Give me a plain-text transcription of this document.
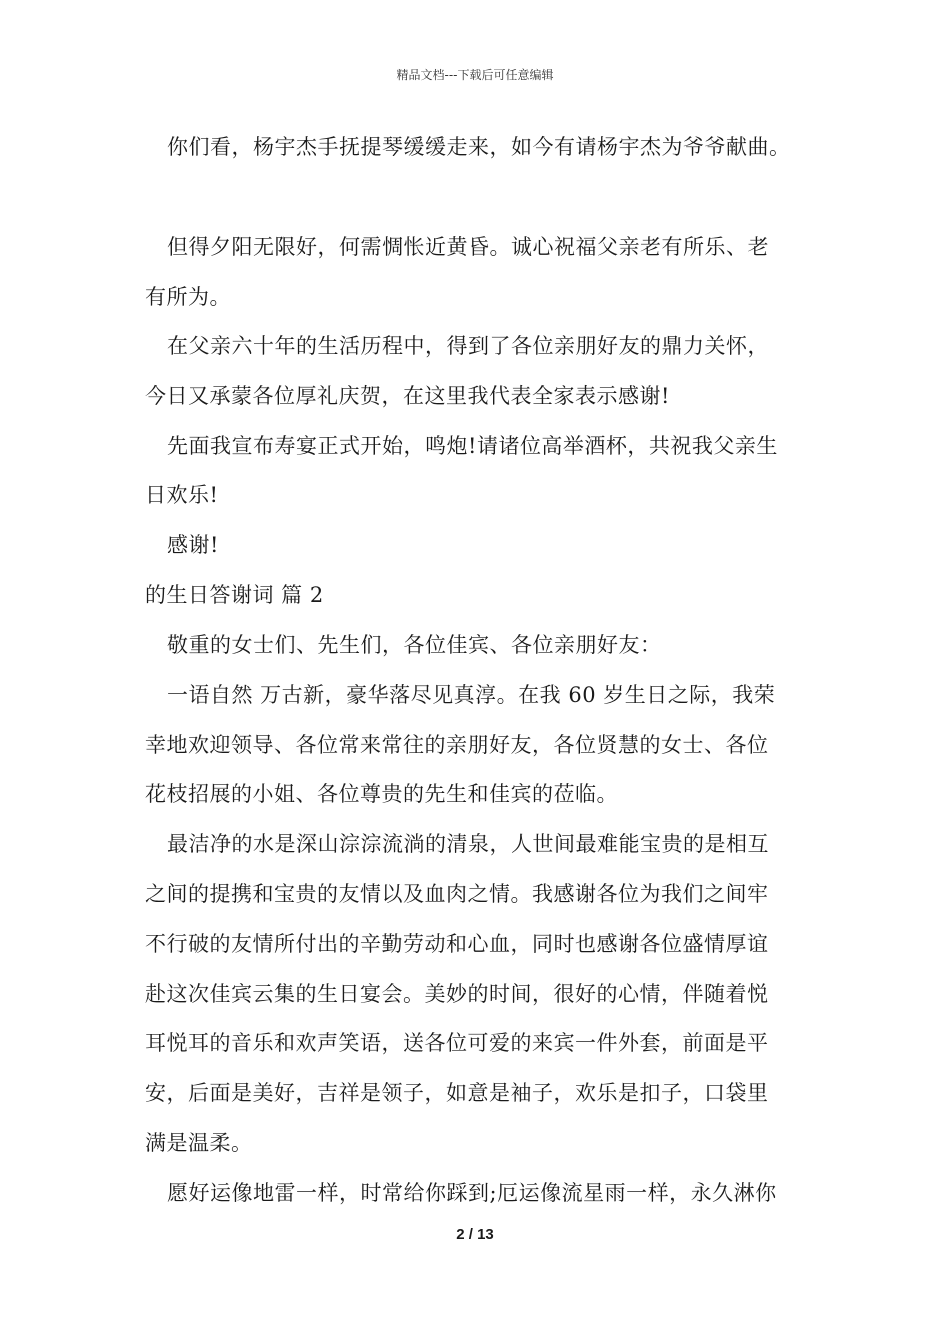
精品文档---下载后可任意编辑
你们看，杨宇杰手抚提琴缓缓走来，如今有请杨宇杰为爷爷献曲。
但得夕阳无限好，何需惆怅近黄昏。诚心祝福父亲老有所乐、老
有所为。
在父亲六十年的生活历程中，得到了各位亲朋好友的鼎力关怀，
今日又承蒙各位厚礼庆贺，在这里我代表全家表示感谢!
先面我宣布寿宴正式开始，鸣炮!请诸位高举酒杯，共祝我父亲生
日欢乐!
感谢!
的生日答谢词 篇 2
敬重的女士们、先生们，各位佳宾、各位亲朋好友：
一语自然 万古新，豪华落尽见真淳。在我 60 岁生日之际，我荣
幸地欢迎领导、各位常来常往的亲朋好友，各位贤慧的女士、各位
花枝招展的小姐、各位尊贵的先生和佳宾的莅临。
最洁净的水是深山淙淙流淌的清泉，人世间最难能宝贵的是相互
之间的提携和宝贵的友情以及血肉之情。我感谢各位为我们之间牢
不行破的友情所付出的辛勤劳动和心血，同时也感谢各位盛情厚谊
赴这次佳宾云集的生日宴会。美妙的时间，很好的心情，伴随着悦
耳悦耳的音乐和欢声笑语，送各位可爱的来宾一件外套，前面是平
安，后面是美好，吉祥是领子，如意是袖子，欢乐是扣子，口袋里
满是温柔。
愿好运像地雷一样，时常给你踩到;厄运像流星雨一样，永久淋你
2 / 13
